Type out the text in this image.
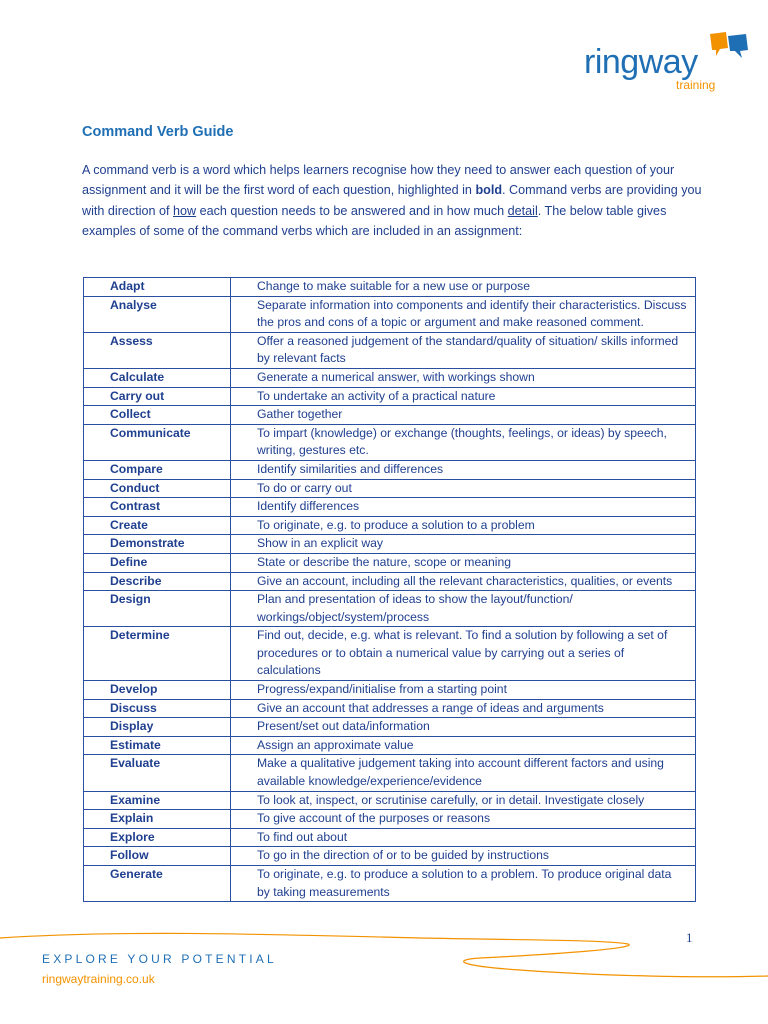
ringway
training
Command Verb Guide

A command verb is a word which helps learners recognise how they need to answer each question of your assignment and it will be the first word of each question, highlighted in bold. Command verbs are providing you with direction of how each question needs to be answered and in how much detail. The below table gives examples of some of the command verbs which are included in an assignment:

Adapt	Change to make suitable for a new use or purpose
Analyse	Separate information into components and identify their characteristics. Discuss the pros and cons of a topic or argument and make reasoned comment.
Assess	Offer a reasoned judgement of the standard/quality of situation/ skills informed by relevant facts
Calculate	Generate a numerical answer, with workings shown
Carry out	To undertake an activity of a practical nature
Collect	Gather together
Communicate	To impart (knowledge) or exchange (thoughts, feelings, or ideas) by speech, writing, gestures etc.
Compare	Identify similarities and differences
Conduct	To do or carry out
Contrast	Identify differences
Create	To originate, e.g. to produce a solution to a problem
Demonstrate	Show in an explicit way
Define	State or describe the nature, scope or meaning
Describe	Give an account, including all the relevant characteristics, qualities, or events
Design	Plan and presentation of ideas to show the layout/function/ workings/object/system/process
Determine	Find out, decide, e.g. what is relevant. To find a solution by following a set of procedures or to obtain a numerical value by carrying out a series of calculations
Develop	Progress/expand/initialise from a starting point
Discuss	Give an account that addresses a range of ideas and arguments
Display	Present/set out data/information
Estimate	Assign an approximate value
Evaluate	Make a qualitative judgement taking into account different factors and using available knowledge/experience/evidence
Examine	To look at, inspect, or scrutinise carefully, or in detail. Investigate closely
Explain	To give account of the purposes or reasons
Explore	To find out about
Follow	To go in the direction of or to be guided by instructions
Generate	To originate, e.g. to produce a solution to a problem. To produce original data by taking measurements
1
EXPLORE YOUR POTENTIAL
ringwaytraining.co.uk
